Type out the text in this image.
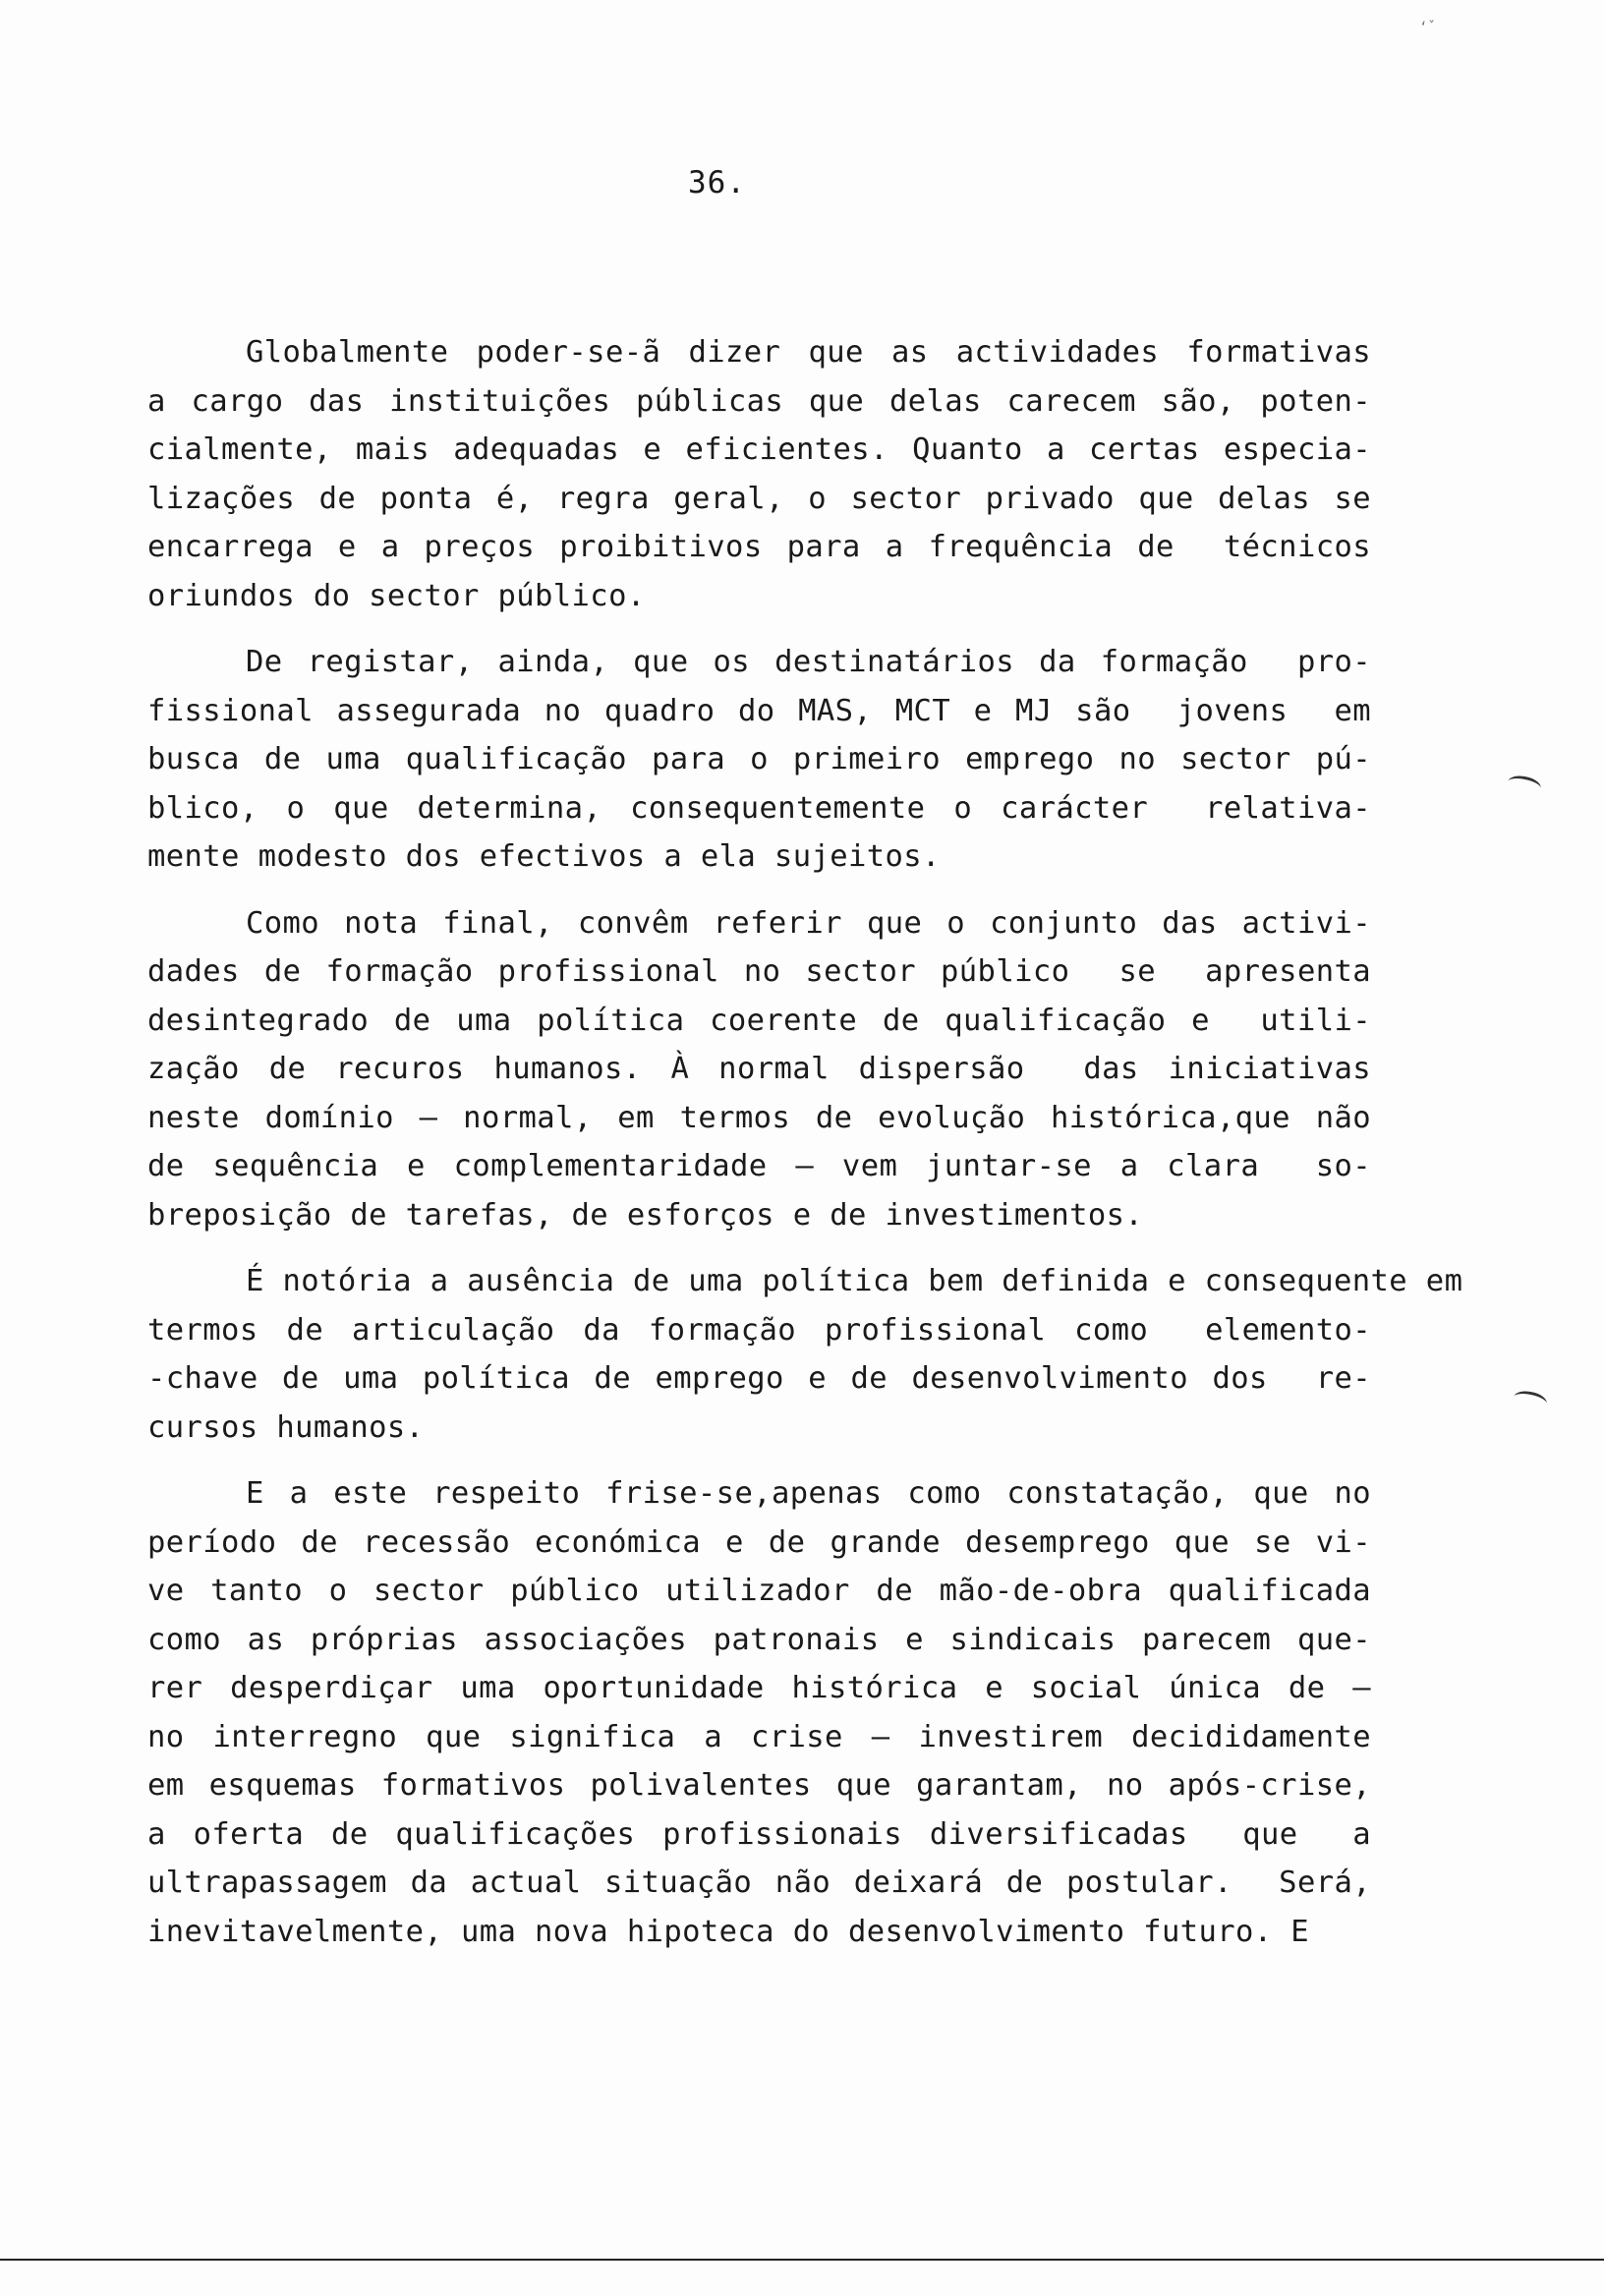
ʻˇ
36.
Globalmente poder-se-ã dizer que as actividades formativas
a cargo das instituições públicas que delas carecem são, poten-
cialmente, mais adequadas e eficientes. Quanto a certas especia-
lizações de ponta é, regra geral, o sector privado que delas se
encarrega e a preços proibitivos para a frequência de  técnicos
oriundos do sector público.
De registar, ainda, que os destinatários da formação  pro-
fissional assegurada no quadro do MAS, MCT e MJ são  jovens  em
busca de uma qualificação para o primeiro emprego no sector pú-
blico, o que determina, consequentemente o carácter  relativa-
mente modesto dos efectivos a ela sujeitos.
Como nota final, convêm referir que o conjunto das activi-
dades de formação profissional no sector público  se  apresenta
desintegrado de uma política coerente de qualificação e  utili-
zação de recuros humanos. À normal dispersão  das iniciativas
neste domínio — normal, em termos de evolução histórica,que não
de sequência e complementaridade — vem juntar-se a clara  so-
breposição de tarefas, de esforços e de investimentos.
É notória a ausência de uma política bem definida e consequente em
termos de articulação da formação profissional como  elemento-
-chave de uma política de emprego e de desenvolvimento dos  re-
cursos humanos.
E a este respeito frise-se,apenas como constatação, que no
período de recessão económica e de grande desemprego que se vi-
ve tanto o sector público utilizador de mão-de-obra qualificada
como as próprias associações patronais e sindicais parecem que-
rer desperdiçar uma oportunidade histórica e social única de —
no interregno que significa a crise — investirem decididamente
em esquemas formativos polivalentes que garantam, no após-crise,
a oferta de qualificações profissionais diversificadas  que  a
ultrapassagem da actual situação não deixará de postular.  Será,
inevitavelmente, uma nova hipoteca do desenvolvimento futuro. E
